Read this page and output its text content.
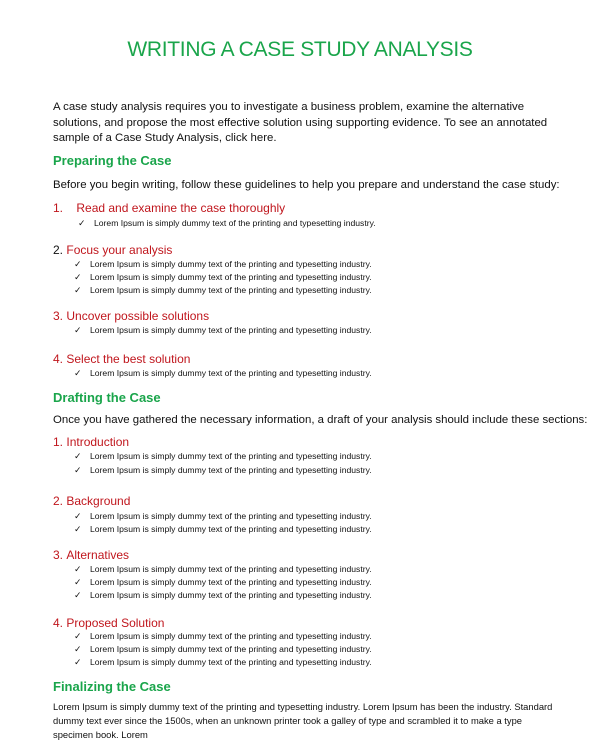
WRITING A CASE STUDY ANALYSIS
A case study analysis requires you to investigate a business problem, examine the alternative solutions, and propose the most effective solution using supporting evidence. To see an annotated sample of a Case Study Analysis, click here.
Preparing the Case
Before you begin writing, follow these guidelines to help you prepare and understand the case study:
1. Read and examine the case thoroughly
✓ Lorem Ipsum is simply dummy text of the printing and typesetting industry.
2. Focus your analysis
✓ Lorem Ipsum is simply dummy text of the printing and typesetting industry.
✓ Lorem Ipsum is simply dummy text of the printing and typesetting industry.
✓ Lorem Ipsum is simply dummy text of the printing and typesetting industry.
3. Uncover possible solutions
✓ Lorem Ipsum is simply dummy text of the printing and typesetting industry.
4. Select the best solution
✓ Lorem Ipsum is simply dummy text of the printing and typesetting industry.
Drafting the Case
Once you have gathered the necessary information, a draft of your analysis should include these sections:
1. Introduction
✓ Lorem Ipsum is simply dummy text of the printing and typesetting industry.
✓ Lorem Ipsum is simply dummy text of the printing and typesetting industry.
2. Background
✓ Lorem Ipsum is simply dummy text of the printing and typesetting industry.
✓ Lorem Ipsum is simply dummy text of the printing and typesetting industry.
3. Alternatives
✓ Lorem Ipsum is simply dummy text of the printing and typesetting industry.
✓ Lorem Ipsum is simply dummy text of the printing and typesetting industry.
✓ Lorem Ipsum is simply dummy text of the printing and typesetting industry.
4. Proposed Solution
✓ Lorem Ipsum is simply dummy text of the printing and typesetting industry.
✓ Lorem Ipsum is simply dummy text of the printing and typesetting industry.
✓ Lorem Ipsum is simply dummy text of the printing and typesetting industry.
Finalizing the Case
Lorem Ipsum is simply dummy text of the printing and typesetting industry. Lorem Ipsum has been the industry. Standard dummy text ever since the 1500s, when an unknown printer took a galley of type and scrambled it to make a type specimen book. Lorem
